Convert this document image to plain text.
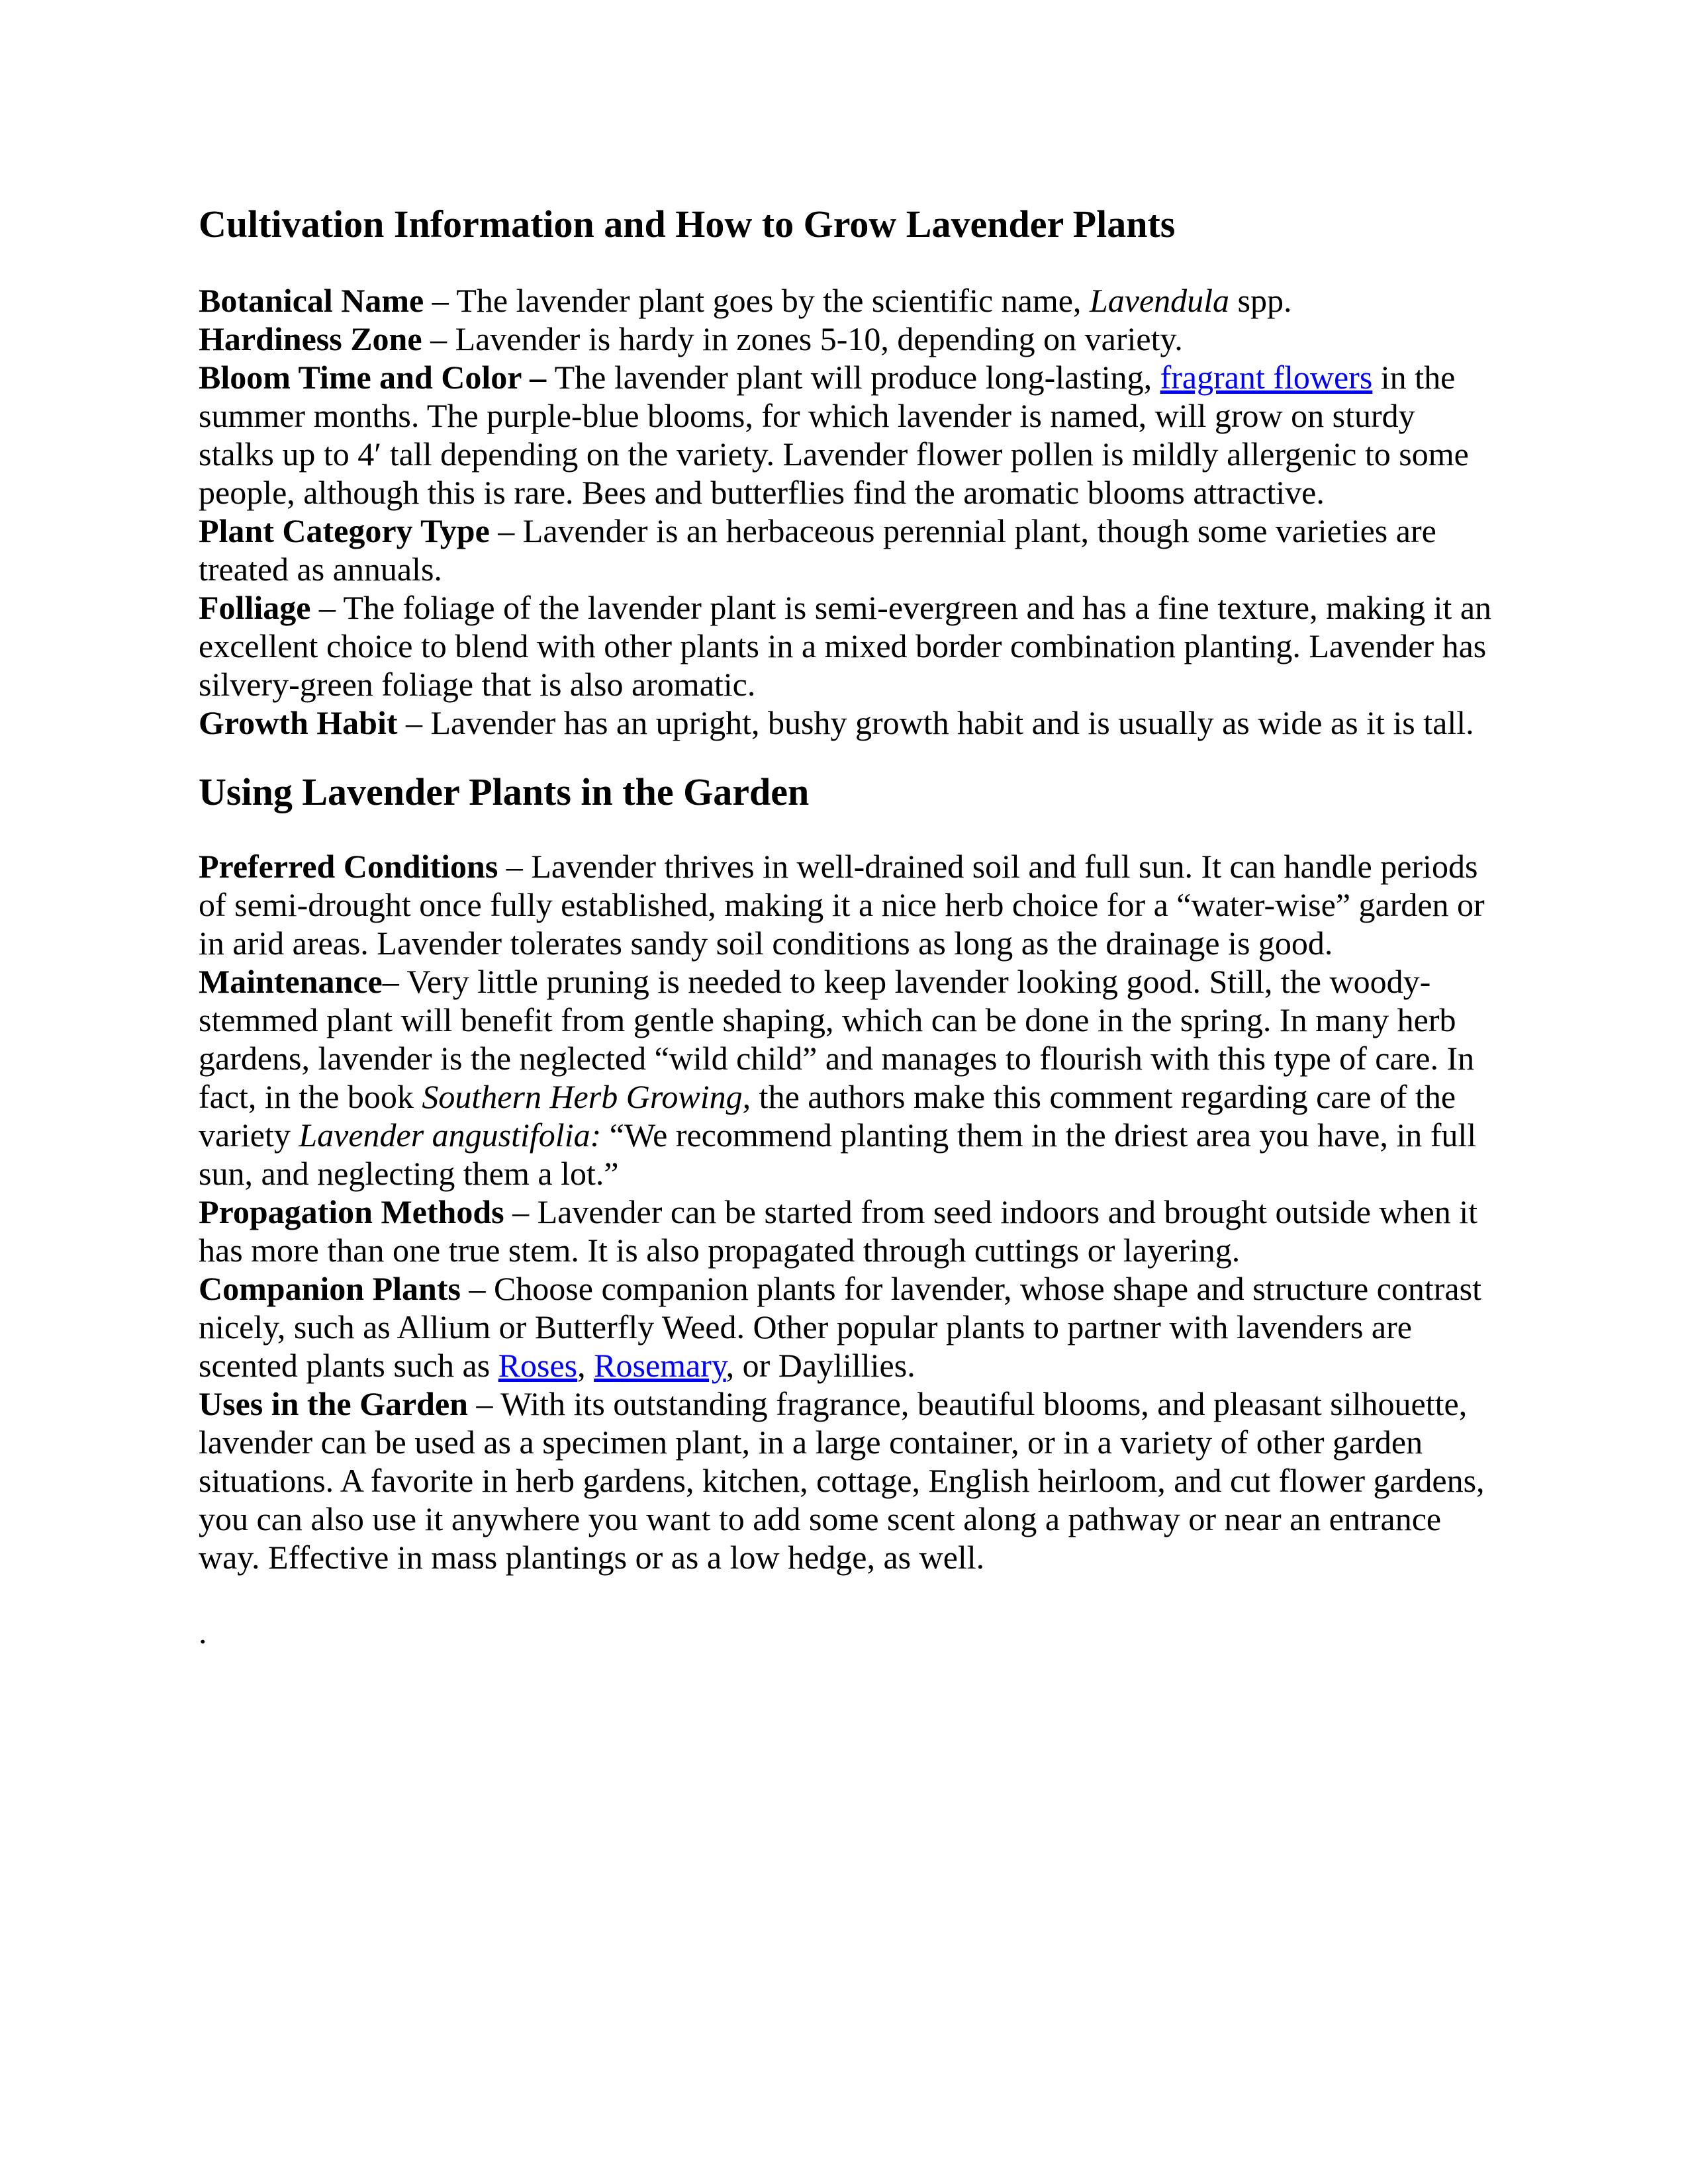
Cultivation Information and How to Grow Lavender Plants

Botanical Name – The lavender plant goes by the scientific name, Lavendula spp.

Hardiness Zone – Lavender is hardy in zones 5-10, depending on variety.

Bloom Time and Color – The lavender plant will produce long-lasting, fragrant flowers in the summer months. The purple-blue blooms, for which lavender is named, will grow on sturdy stalks up to 4′ tall depending on the variety. Lavender flower pollen is mildly allergenic to some people, although this is rare. Bees and butterflies find the aromatic blooms attractive.

Plant Category Type – Lavender is an herbaceous perennial plant, though some varieties are treated as annuals.

Folliage – The foliage of the lavender plant is semi-evergreen and has a fine texture, making it an excellent choice to blend with other plants in a mixed border combination planting. Lavender has silvery-green foliage that is also aromatic.

Growth Habit – Lavender has an upright, bushy growth habit and is usually as wide as it is tall.

Using Lavender Plants in the Garden

Preferred Conditions – Lavender thrives in well-drained soil and full sun. It can handle periods of semi-drought once fully established, making it a nice herb choice for a “water-wise” garden or in arid areas. Lavender tolerates sandy soil conditions as long as the drainage is good.

Maintenance– Very little pruning is needed to keep lavender looking good. Still, the woody-stemmed plant will benefit from gentle shaping, which can be done in the spring. In many herb gardens, lavender is the neglected “wild child” and manages to flourish with this type of care. In fact, in the book Southern Herb Growing, the authors make this comment regarding care of the variety Lavender angustifolia: “We recommend planting them in the driest area you have, in full sun, and neglecting them a lot.”

Propagation Methods – Lavender can be started from seed indoors and brought outside when it has more than one true stem. It is also propagated through cuttings or layering.

Companion Plants – Choose companion plants for lavender, whose shape and structure contrast nicely, such as Allium or Butterfly Weed. Other popular plants to partner with lavenders are scented plants such as Roses, Rosemary, or Daylillies.

Uses in the Garden – With its outstanding fragrance, beautiful blooms, and pleasant silhouette, lavender can be used as a specimen plant, in a large container, or in a variety of other garden situations. A favorite in herb gardens, kitchen, cottage, English heirloom, and cut flower gardens, you can also use it anywhere you want to add some scent along a pathway or near an entrance way. Effective in mass plantings or as a low hedge, as well.

.
